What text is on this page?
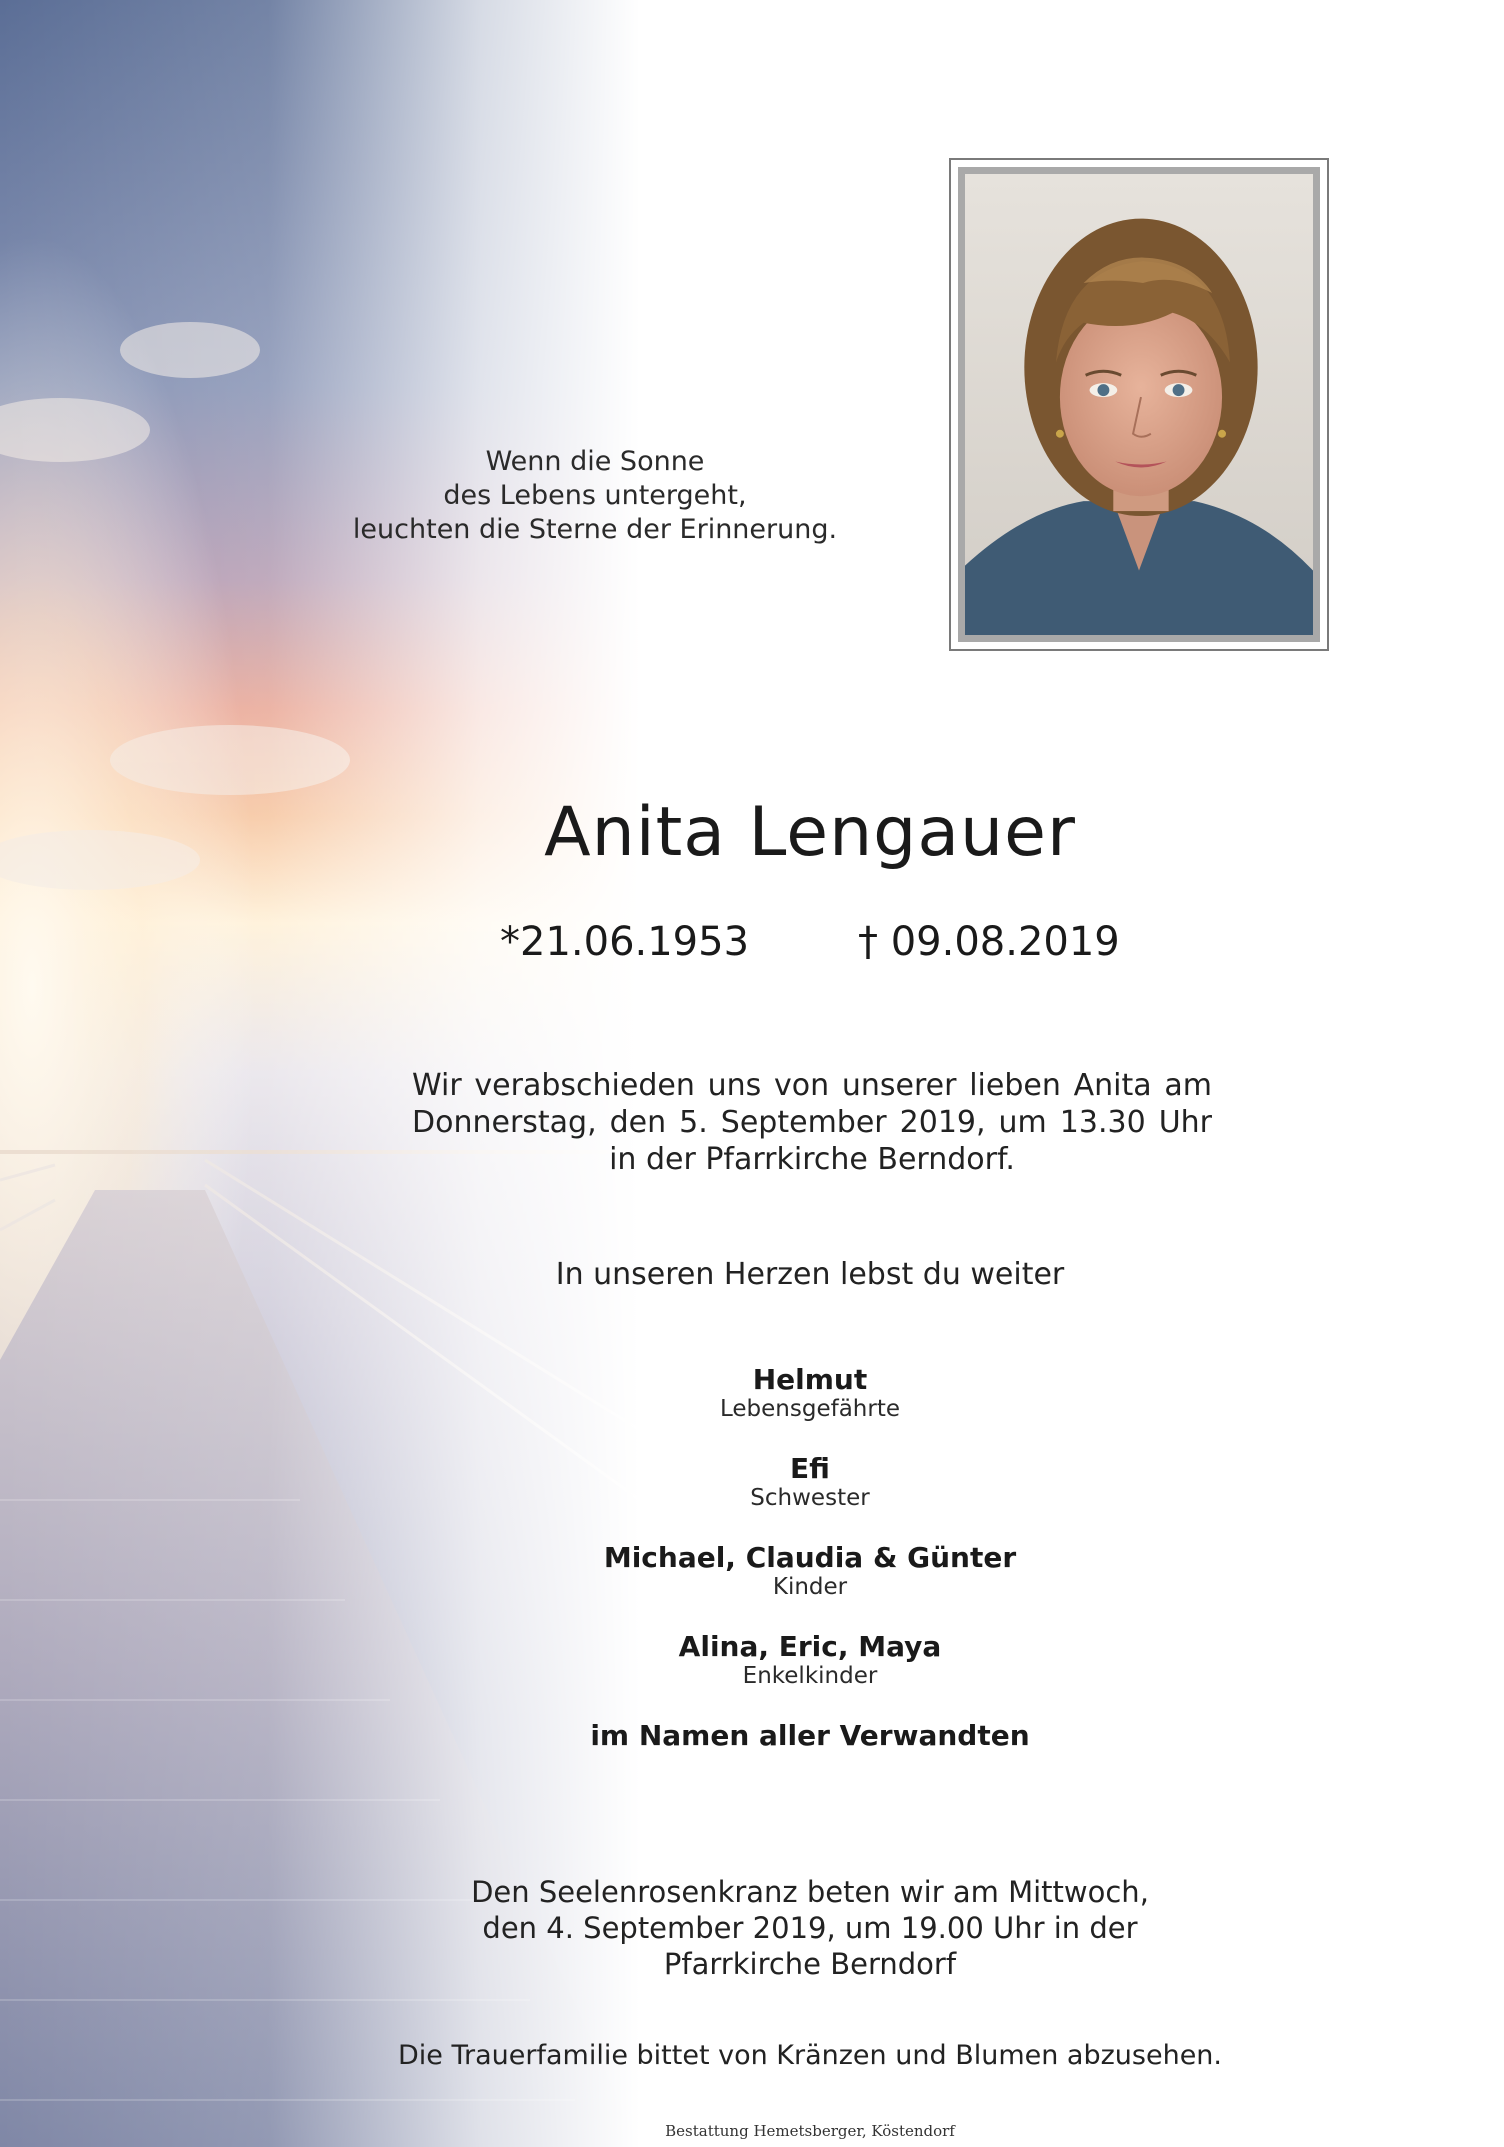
Wenn die Sonne
des Lebens untergeht,
leuchten die Sterne der Erinnerung.
Anita Lengauer
*21.06.1953	† 09.08.2019
Wir verabschieden uns von unserer lieben Anita am
Donnerstag, den 5. September 2019, um 13.30 Uhr
in der Pfarrkirche Berndorf.
In unseren Herzen lebst du weiter
Helmut
Lebensgefährte
Efi
Schwester
Michael, Claudia & Günter
Kinder
Alina, Eric, Maya
Enkelkinder
im Namen aller Verwandten
Den Seelenrosenkranz beten wir am Mittwoch,
den 4. September 2019, um 19.00 Uhr in der
Pfarrkirche Berndorf
Die Trauerfamilie bittet von Kränzen und Blumen abzusehen.
Bestattung Hemetsberger, Köstendorf
